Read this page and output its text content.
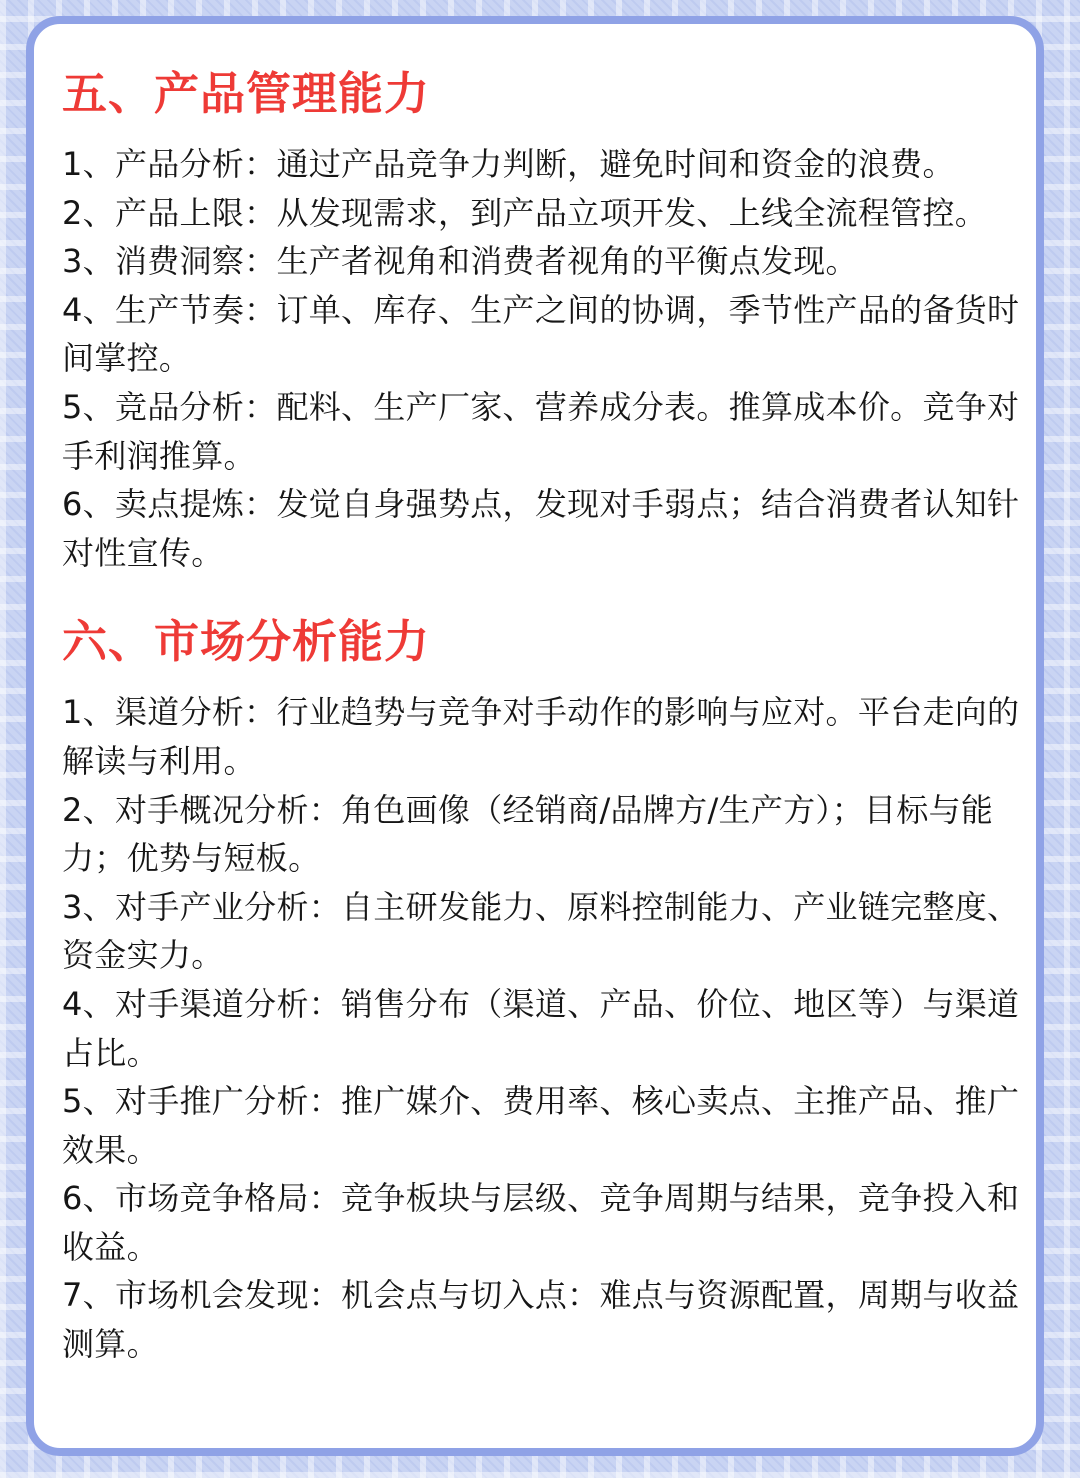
五、产品管理能力
1、产品分析：通过产品竞争力判断，避免时间和资金的浪费。
2、产品上限：从发现需求，到产品立项开发、上线全流程管控。
3、消费洞察：生产者视角和消费者视角的平衡点发现。
4、生产节奏：订单、库存、生产之间的协调，季节性产品的备货时间掌控。
5、竞品分析：配料、生产厂家、营养成分表。推算成本价。竞争对手利润推算。
6、卖点提炼：发觉自身强势点，发现对手弱点；结合消费者认知针对性宣传。
六、市场分析能力
1、渠道分析：行业趋势与竞争对手动作的影响与应对。平台走向的解读与利用。
2、对手概况分析：角色画像（经销商/品牌方/生产方）；目标与能力；优势与短板。
3、对手产业分析：自主研发能力、原料控制能力、产业链完整度、资金实力。
4、对手渠道分析：销售分布（渠道、产品、价位、地区等）与渠道占比。
5、对手推广分析：推广媒介、费用率、核心卖点、主推产品、推广效果。
6、市场竞争格局：竞争板块与层级、竞争周期与结果，竞争投入和收益。
7、市场机会发现：机会点与切入点：难点与资源配置，周期与收益测算。
